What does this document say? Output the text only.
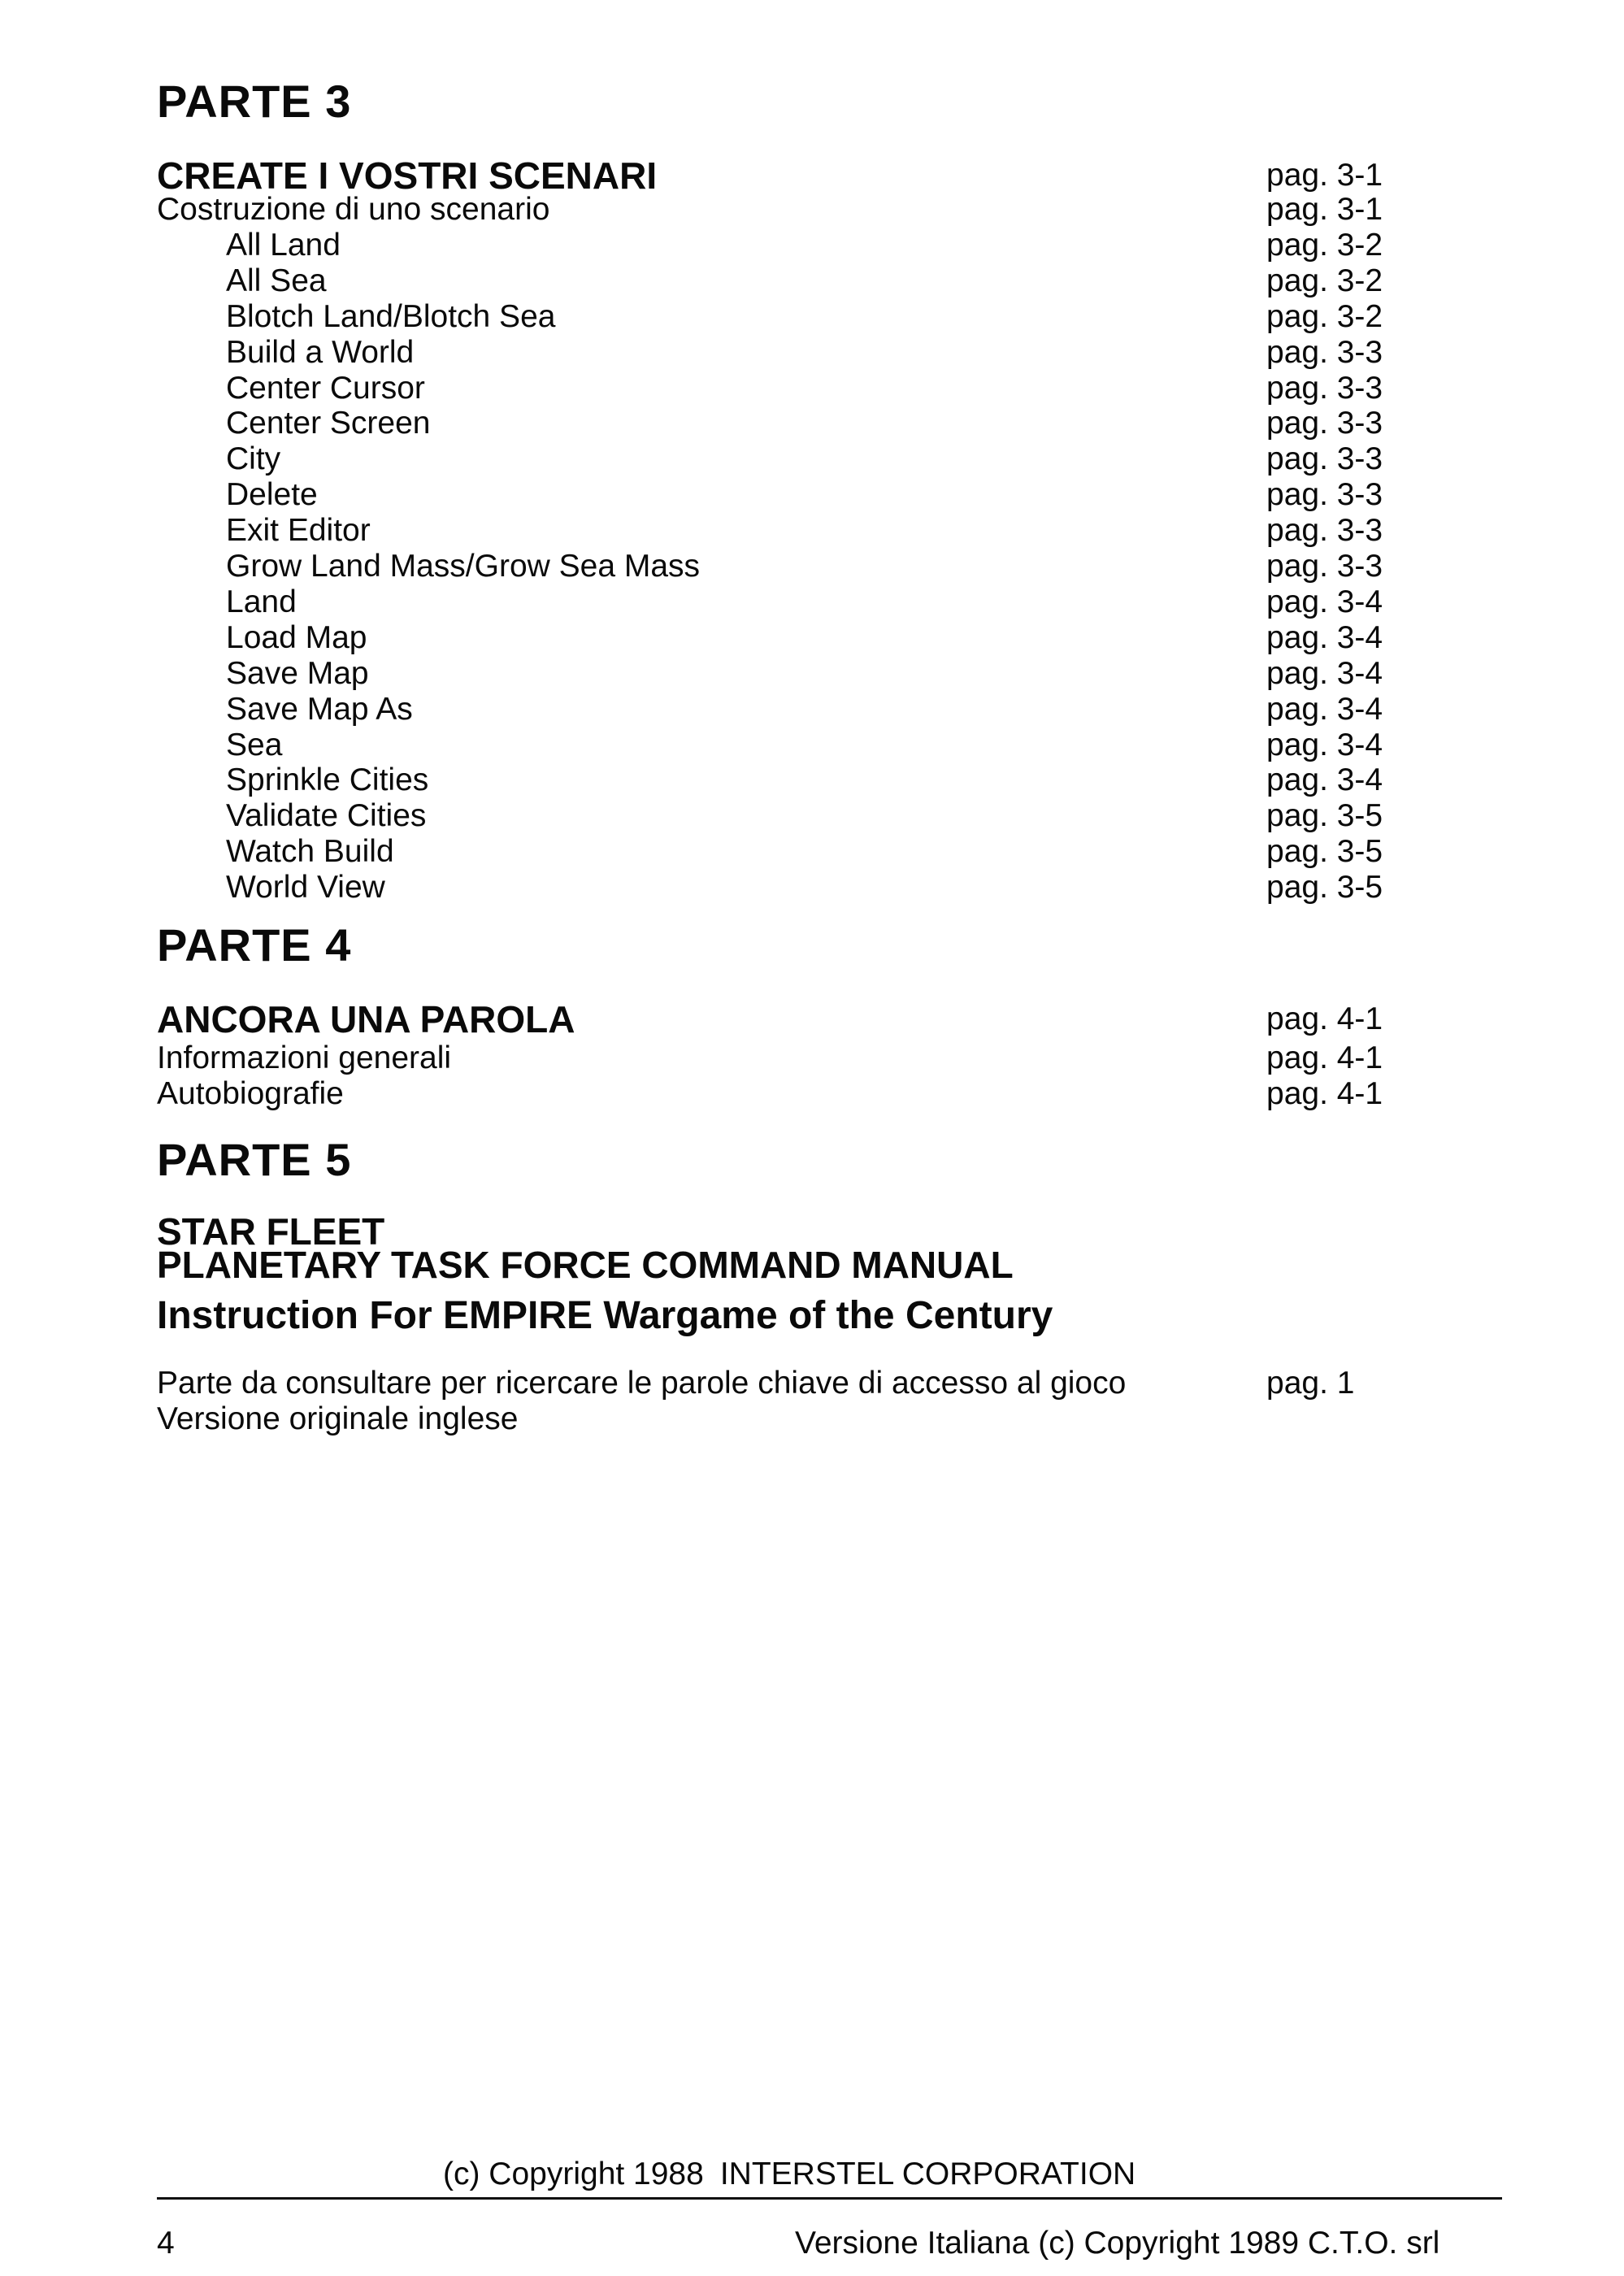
PARTE 3
CREATE I VOSTRI SCENARI	pag. 3-1
Costruzione di uno scenario	pag. 3-1
All Land	pag. 3-2
All Sea	pag. 3-2
Blotch Land/Blotch Sea	pag. 3-2
Build a World	pag. 3-3
Center Cursor	pag. 3-3
Center Screen	pag. 3-3
City	pag. 3-3
Delete	pag. 3-3
Exit Editor	pag. 3-3
Grow Land Mass/Grow Sea Mass	pag. 3-3
Land	pag. 3-4
Load Map	pag. 3-4
Save Map	pag. 3-4
Save Map As	pag. 3-4
Sea	pag. 3-4
Sprinkle Cities	pag. 3-4
Validate Cities	pag. 3-5
Watch Build	pag. 3-5
World View	pag. 3-5
PARTE 4
ANCORA UNA PAROLA	pag. 4-1
Informazioni generali	pag. 4-1
Autobiografie	pag. 4-1
PARTE 5
STAR FLEET
PLANETARY TASK FORCE COMMAND MANUAL
Instruction For EMPIRE Wargame of the Century
Parte da consultare per ricercare le parole chiave di accesso al gioco	pag. 1
Versione originale inglese
(c) Copyright 1988 INTERSTEL CORPORATION
4	Versione Italiana (c) Copyright 1989 C.T.O. srl
